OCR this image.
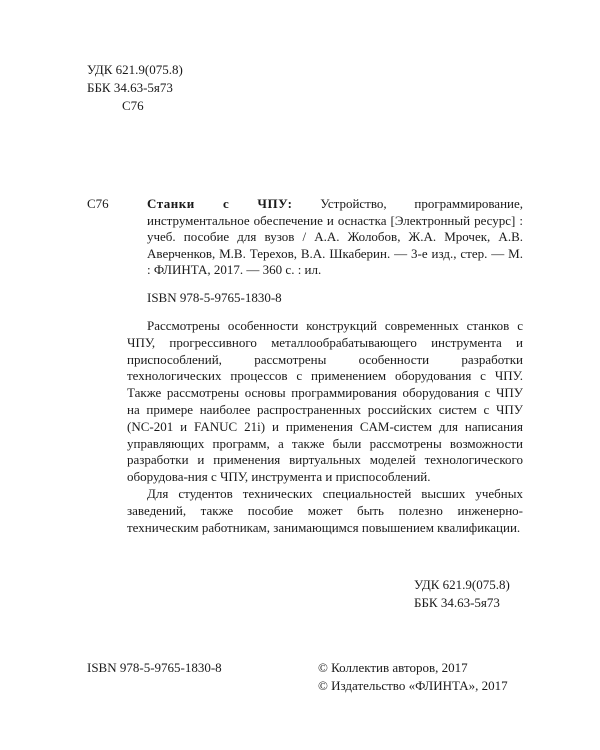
УДК 621.9(075.8)
ББК 34.63-5я73
С76
С76	Станки с ЧПУ: Устройство, программирование, инструментальное обеспечение и оснастка [Электронный ресурс] : учеб. пособие для вузов / А.А. Жолобов, Ж.А. Мрочек, А.В. Аверченков, М.В. Терехов, В.А. Шкаберин. — 3-е изд., стер. — М. : ФЛИНТА, 2017. — 360 с. : ил.
ISBN 978-5-9765-1830-8

Рассмотрены особенности конструкций современных станков с ЧПУ, прогрессивного металлообрабатывающего инструмента и приспособлений, рассмотрены особенности разработки технологических процессов с применением оборудования с ЧПУ. Также рассмотрены основы программирования оборудования с ЧПУ на примере наиболее распространенных российских систем с ЧПУ (NC-201 и FANUC 21i) и применения CAM-систем для написания управляющих программ, а также были рассмотрены возможности разработки и применения виртуальных моделей технологического оборудова-ния с ЧПУ, инструмента и приспособлений.

Для студентов технических специальностей высших учебных заведений, также пособие может быть полезно инженерно-техническим работникам, занимающимся повышением квалификации.

УДК 621.9(075.8)
ББК 34.63-5я73
ISBN 978-5-9765-1830-8	© Коллектив авторов, 2017
© Издательство «ФЛИНТА», 2017
